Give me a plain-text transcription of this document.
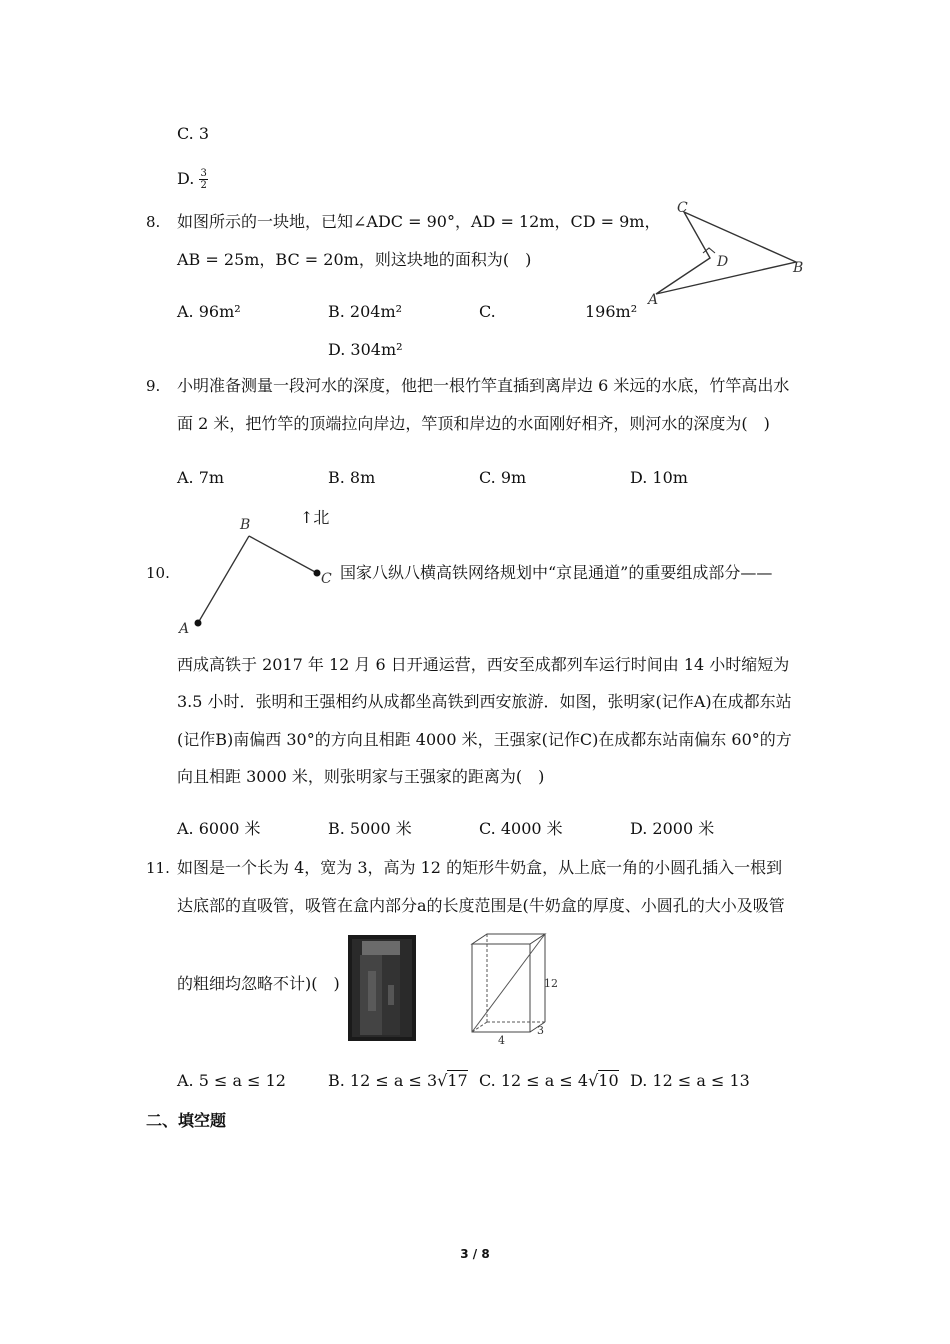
C. 3
D. $\frac{3}{2}$
8. 如图所示的一块地，已知∠ADC = 90°，AD = 12m，CD = 9m，
AB = 25m，BC = 20m，则这块地的面积为(　)
C
D	B
A
A. 96m²	B. 204m²	C.	196m²
D. 304m²
9. 小明准备测量一段河水的深度，他把一根竹竿直插到离岸边 6 米远的水底，竹竿高出水
面 2 米，把竹竿的顶端拉向岸边，竿顶和岸边的水面刚好相齐，则河水的深度为(　)
A. 7m	B. 8m	C. 9m	D. 10m
B
C
A
↑北
10.	国家八纵八横高铁网络规划中“京昆通道”的重要组成部分——
西成高铁于 2017 年 12 月 6 日开通运营，西安至成都列车运行时间由 14 小时缩短为
3.5 小时．张明和王强相约从成都坐高铁到西安旅游．如图，张明家(记作A)在成都东站
(记作B)南偏西 30°的方向且相距 4000 米，王强家(记作C)在成都东站南偏东 60°的方
向且相距 3000 米，则张明家与王强家的距离为(　)
A. 6000 米	B. 5000 米	C. 4000 米	D. 2000 米
11. 如图是一个长为 4，宽为 3，高为 12 的矩形牛奶盒，从上底一角的小圆孔插入一根到
达底部的直吸管，吸管在盒内部分a的长度范围是(牛奶盒的厚度、小圆孔的大小及吸管
12
3
4
的粗细均忽略不计)(　)
A. 5 ≤ a ≤ 12	B. 12 ≤ a ≤ 3√17 C. 12 ≤ a ≤ 4√10 D. 12 ≤ a ≤ 13
二、填空题
3 / 8
